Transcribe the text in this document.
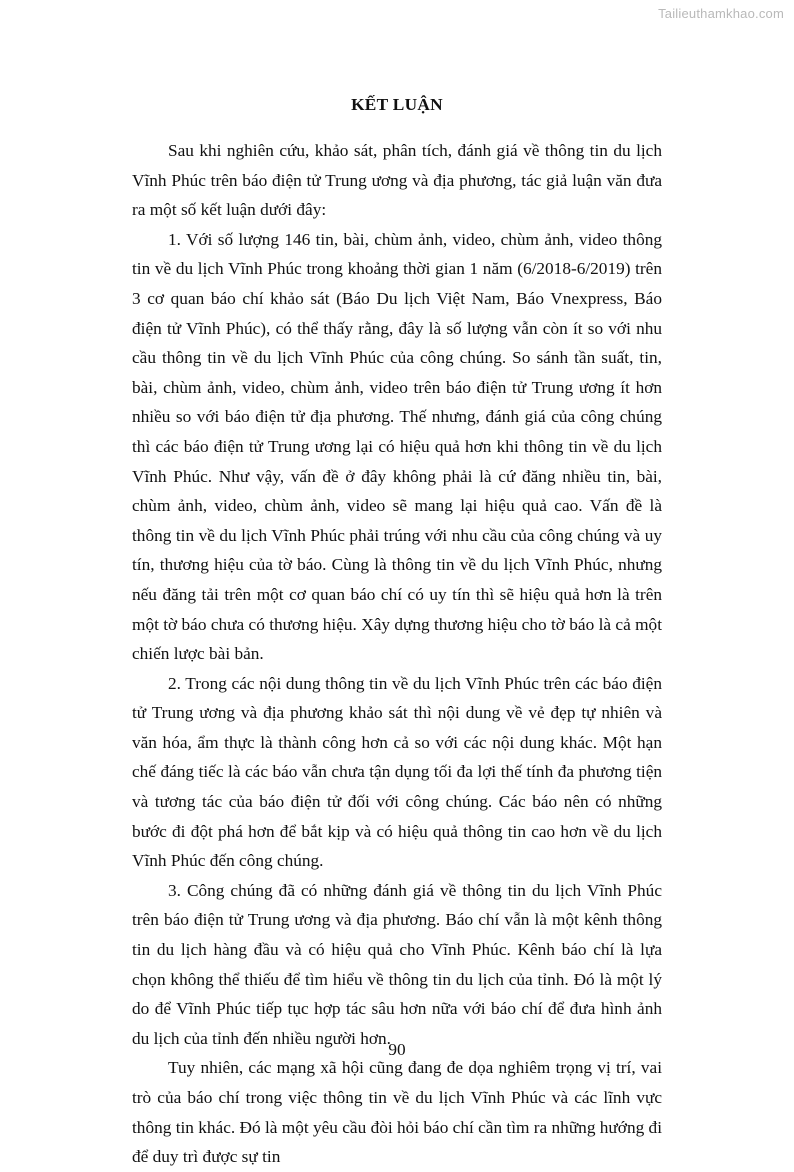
Tailieuthamkhao.com
KẾT LUẬN

Sau khi nghiên cứu, khảo sát, phân tích, đánh giá về thông tin du lịch Vĩnh Phúc trên báo điện tử Trung ương và địa phương, tác giả luận văn đưa ra một số kết luận dưới đây:

1. Với số lượng 146 tin, bài, chùm ảnh, video, chùm ảnh, video thông tin về du lịch Vĩnh Phúc trong khoảng thời gian 1 năm (6/2018-6/2019) trên 3 cơ quan báo chí khảo sát (Báo Du lịch Việt Nam, Báo Vnexpress, Báo điện tử Vĩnh Phúc), có thể thấy rằng, đây là số lượng vẫn còn ít so với nhu cầu thông tin về du lịch Vĩnh Phúc của công chúng. So sánh tần suất, tin, bài, chùm ảnh, video, chùm ảnh, video trên báo điện tử Trung ương ít hơn nhiều so với báo điện tử địa phương. Thế nhưng, đánh giá của công chúng thì các báo điện tử Trung ương lại có hiệu quả hơn khi thông tin về du lịch Vĩnh Phúc. Như vậy, vấn đề ở đây không phải là cứ đăng nhiều tin, bài, chùm ảnh, video, chùm ảnh, video sẽ mang lại hiệu quả cao. Vấn đề là thông tin về du lịch Vĩnh Phúc phải trúng với nhu cầu của công chúng và uy tín, thương hiệu của tờ báo. Cùng là thông tin về du lịch Vĩnh Phúc, nhưng nếu đăng tải trên một cơ quan báo chí có uy tín thì sẽ hiệu quả hơn là trên một tờ báo chưa có thương hiệu. Xây dựng thương hiệu cho tờ báo là cả một chiến lược bài bản.

2. Trong các nội dung thông tin về du lịch Vĩnh Phúc trên các báo điện tử Trung ương và địa phương khảo sát thì nội dung về vẻ đẹp tự nhiên và văn hóa, ẩm thực là thành công hơn cả so với các nội dung khác. Một hạn chế đáng tiếc là các báo vẫn chưa tận dụng tối đa lợi thế tính đa phương tiện và tương tác của báo điện tử đối với công chúng. Các báo nên có những bước đi đột phá hơn để bắt kịp và có hiệu quả thông tin cao hơn về du lịch Vĩnh Phúc đến công chúng.

3. Công chúng đã có những đánh giá về thông tin du lịch Vĩnh Phúc trên báo điện tử Trung ương và địa phương. Báo chí vẫn là một kênh thông tin du lịch hàng đầu và có hiệu quả cho Vĩnh Phúc. Kênh báo chí là lựa chọn không thể thiếu để tìm hiểu về thông tin du lịch của tỉnh. Đó là một lý do để Vĩnh Phúc tiếp tục hợp tác sâu hơn nữa với báo chí để đưa hình ảnh du lịch của tỉnh đến nhiều người hơn.

Tuy nhiên, các mạng xã hội cũng đang đe dọa nghiêm trọng vị trí, vai trò của báo chí trong việc thông tin về du lịch Vĩnh Phúc và các lĩnh vực thông tin khác. Đó là một yêu cầu đòi hỏi báo chí cần tìm ra những hướng đi để duy trì được sự tin

90
